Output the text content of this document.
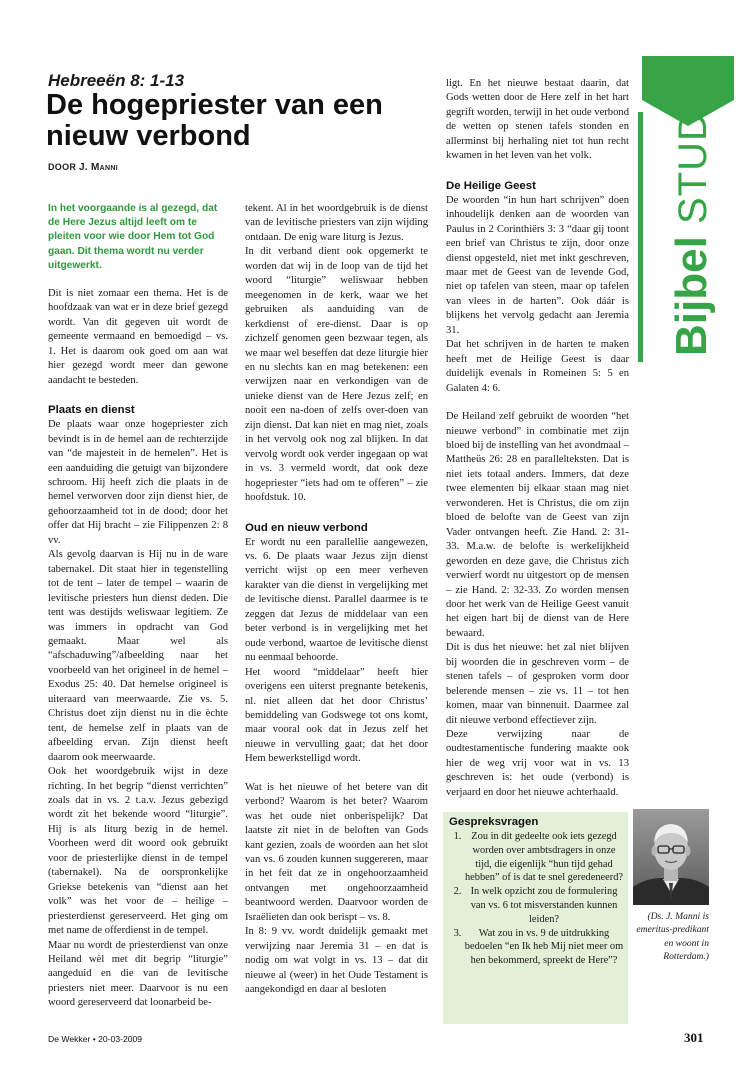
Hebreeën 8: 1-13
De hogepriester van een nieuw verbond
DOOR J. Manni

In het voorgaande is al gezegd, dat de Here Jezus altijd leeft om te pleiten voor wie door Hem tot God gaan. Dit thema wordt nu verder uitgewerkt.

Dit is niet zomaar een thema. Het is de hoofdzaak van wat er in deze brief gezegd wordt. Van dit gegeven uit wordt de gemeente vermaand en bemoedigd – vs. 1. Het is daarom ook goed om aan wat hier gezegd wordt meer dan gewone aandacht te besteden.

Plaats en dienst

De plaats waar onze hogepriester zich bevindt is in de hemel aan de rechterzijde van “de majesteit in de hemelen”. Het is een aanduiding die getuigt van bijzondere schroom. Hij heeft zich die plaats in de hemel verworven door zijn dienst hier, de gehoorzaamheid tot in de dood; door het offer dat Hij bracht – zie Filippenzen 2: 8 vv.

Als gevolg daarvan is Hij nu in de ware tabernakel. Dit staat hier in tegenstelling tot de tent – later de tempel – waarin de levitische priesters hun dienst deden. Die tent was destijds weliswaar legitiem. Ze was immers in opdracht van God gemaakt. Maar wel als “afschaduwing”/afbeelding naar het voorbeeld van het origineel in de hemel – Exodus 25: 40. Dat hemelse origineel is uiteraard van meerwaarde. Zie vs. 5. Christus doet zijn dienst nu in die èchte tent, de hemelse zelf in plaats van de afbeelding ervan. Zijn dienst heeft daarom ook meerwaarde.

Ook het woordgebruik wijst in deze richting. In het begrip “dienst verrichten” zoals dat in vs. 2 t.a.v. Jezus gebezigd wordt zit het bekende woord “liturgie”. Hij is als liturg bezig in de hemel. Voorheen werd dit woord ook gebruikt voor de priesterlijke dienst in de tempel (tabernakel). Na de oorspronkelijke Griekse betekenis van “dienst aan het volk” was het voor de – heilige – priesterdienst gereserveerd. Het ging om met name de offerdienst in de tempel.

Maar nu wordt de priesterdienst van onze Heiland wèl met dit begrip “liturgie” aangeduid en die van de levitische priesters niet meer. Daarvoor is nu een woord gereserveerd dat loonarbeid be-

tekent. Al in het woordgebruik is de dienst van de levitische priesters van zijn wijding ontdaan. De enig ware liturg is Jezus.

In dit verband dient ook opgemerkt te worden dat wij in de loop van de tijd het woord “liturgie” weliswaar hebben meegenomen in de kerk, waar we het gebruiken als aanduiding van de kerkdienst of ere-dienst. Daar is op zichzelf genomen geen bezwaar tegen, als we maar wel beseffen dat deze liturgie hier en nu slechts kan en mag betekenen: een verwijzen naar en verkondigen van de unieke dienst van de Here Jezus zelf; en nooit een na-doen of zelfs over-doen van zijn dienst. Dat kan niet en mag niet, zoals in het vervolg ook nog zal blijken. In dat vervolg wordt ook verder ingegaan op wat in vs. 3 vermeld wordt, dat ook deze hogepriester “iets had om te offeren” – zie hoofdstuk. 10.

Oud en nieuw verbond

Er wordt nu een parallellie aangewezen, vs. 6. De plaats waar Jezus zijn dienst verricht wijst op een meer verheven karakter van die dienst in vergelijking met de levitische dienst. Parallel daarmee is te zeggen dat Jezus de middelaar van een beter verbond is in vergelijking met het oude verbond, waartoe de levitische dienst nu eenmaal behoorde.

Het woord “middelaar” heeft hier overigens een uiterst pregnante betekenis, nl. niet alleen dat het door Christus’ bemiddeling van Godswege tot ons komt, maar vooral ook dat in Jezus zelf het nieuwe in vervulling gaat; dat het door Hem bewerkstelligd wordt.

Wat is het nieuwe of het betere van dit verbond? Waarom is het beter? Waarom was het oude niet onberispelijk? Dat laatste zit niet in de beloften van Gods kant gezien, zoals de woorden aan het slot van vs. 6 zouden kunnen suggereren, maar in het feit dat ze in ongehoorzaamheid ontvangen met ongehoorzaamheid beantwoord werden. Daarvoor worden de Israëlieten dan ook berispt – vs. 8.

In 8: 9 vv. wordt duidelijk gemaakt met verwijzing naar Jeremia 31 – en dat is nodig om wat volgt in vs. 13 – dat dit nieuwe al (weer) in het Oude Testament is aangekondigd en daar al besloten

ligt. En het nieuwe bestaat daarin, dat Gods wetten door de Here zelf in het hart gegrift worden, terwijl in het oude verbond de wetten op stenen tafels stonden en allerminst bij herhaling niet tot hun recht kwamen in het leven van het volk.

De Heilige Geest

De woorden “in hun hart schrijven” doen inhoudelijk denken aan de woorden van Paulus in 2 Corinthiërs 3: 3 “daar gij toont een brief van Christus te zijn, door onze dienst opgesteld, niet met inkt geschreven, maar met de Geest van de levende God, niet op tafelen van steen, maar op tafelen van vlees in de harten”. Ook dáár is blijkens het vervolg gedacht aan Jeremia 31.

Dat het schrijven in de harten te maken heeft met de Heilige Geest is daar duidelijk evenals in Romeinen 5: 5 en Galaten 4: 6.

De Heiland zelf gebruikt de woorden “het nieuwe verbond” in combinatie met zijn bloed bij de instelling van het avondmaal – Mattheüs 26: 28 en parallelteksten. Dat is niet iets totaal anders. Immers, dat deze twee elementen bij elkaar staan mag niet verwonderen. Het is Christus, die om zijn bloed de belofte van de Geest van zijn Vader ontvangen heeft. Zie Hand. 2: 31-33. M.a.w. de belofte is werkelijkheid geworden en deze gave, die Christus zich verwierf wordt nu uitgestort op de mensen – zie Hand. 2: 32-33. Zo worden mensen door het werk van de Heilige Geest vanuit het eigen hart bij de dienst van de Here bewaard.

Dít is dus het nieuwe: het zal niet blijven bij woorden die in geschreven vorm – de stenen tafels – of gesproken vorm door belerende mensen – zie vs. 11 – tot hen komen, maar van binnenuit. Daarmee zal dit nieuwe verbond effectiever zijn.

Deze verwijzing naar de oudtestamentische fundering maakte ook hier de weg vrij voor wat in vs. 13 geschreven is: het oude (verbond) is verjaard en door het nieuwe achterhaald.

Gespreksvragen
1. Zou in dit gedeelte ook iets gezegd worden over ambtsdragers in onze tijd, die eigenlijk “hun tijd gehad hebben” of is dat te snel geredeneerd?
2. In welk opzicht zou de formulering van vs. 6 tot misverstanden kunnen leiden?
3. Wat zou in vs. 9 de uitdrukking bedoelen “en Ik heb Mij niet meer om hen bekommerd, spreekt de Here”?
(Ds. J. Manni is emeritus-predikant en woont in Rotterdam.)
Bijbel
STUDIE
De Wekker • 20-03-2009	301
